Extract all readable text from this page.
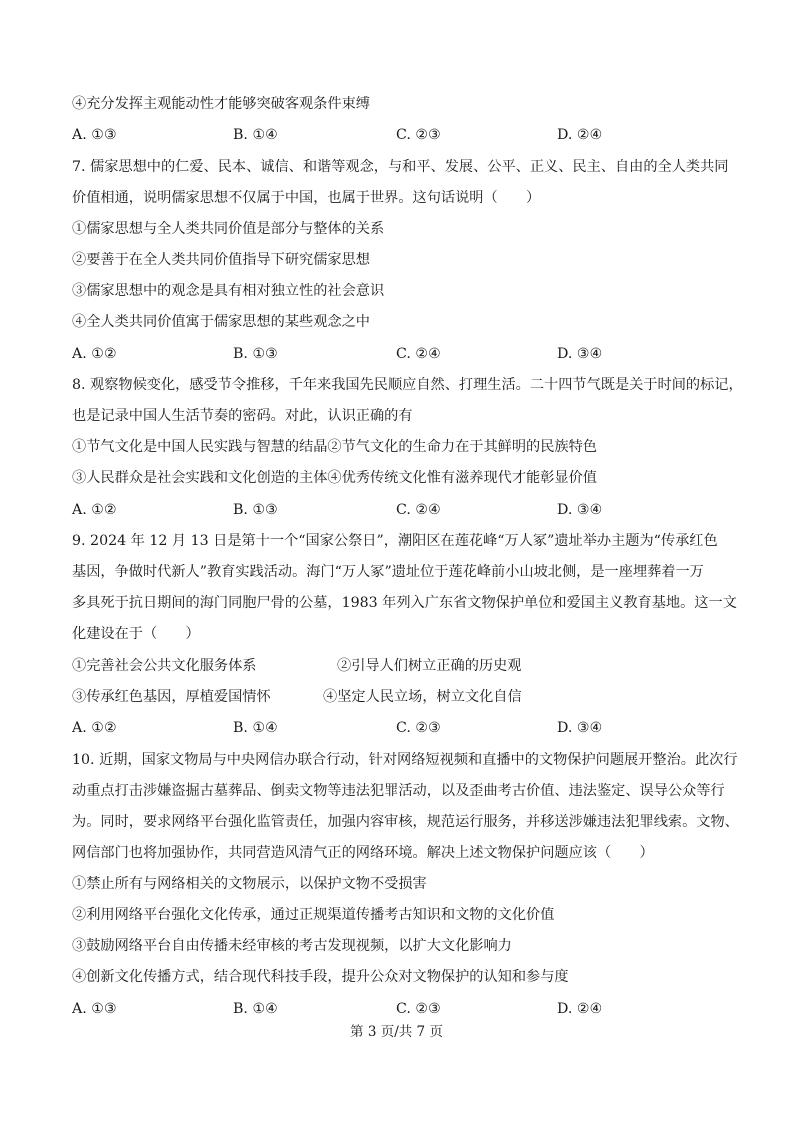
④充分发挥主观能动性才能够突破客观条件束缚
A. ①③	B. ①④	C. ②③	D. ②④
7. 儒家思想中的仁爱、民本、诚信、和谐等观念，与和平、发展、公平、正义、民主、自由的全人类共同
价值相通，说明儒家思想不仅属于中国，也属于世界。这句话说明（　　）
①儒家思想与全人类共同价值是部分与整体的关系
②要善于在全人类共同价值指导下研究儒家思想
③儒家思想中的观念是具有相对独立性的社会意识
④全人类共同价值寓于儒家思想的某些观念之中
A. ①②	B. ①③	C. ②④	D. ③④
8. 观察物候变化，感受节令推移，千年来我国先民顺应自然、打理生活。二十四节气既是关于时间的标记，
也是记录中国人生活节奏的密码。对此，认识正确的有
①节气文化是中国人民实践与智慧的结晶②节气文化的生命力在于其鲜明的民族特色
③人民群众是社会实践和文化创造的主体④优秀传统文化惟有滋养现代才能彰显价值
A. ①②	B. ①③	C. ②④	D. ③④
9. 2024 年 12 月 13 日是第十一个“国家公祭日”，潮阳区在莲花峰“万人冢”遗址举办主题为“传承红色
基因，争做时代新人”教育实践活动。海门“万人冢”遗址位于莲花峰前小山坡北侧，是一座埋葬着一万
多具死于抗日期间的海门同胞尸骨的公墓，1983 年列入广东省文物保护单位和爱国主义教育基地。这一文
化建设在于（　　）
①完善社会公共文化服务体系	②引导人们树立正确的历史观
③传承红色基因，厚植爱国情怀	④坚定人民立场，树立文化自信
A. ①②	B. ①④	C. ②③	D. ③④
10. 近期，国家文物局与中央网信办联合行动，针对网络短视频和直播中的文物保护问题展开整治。此次行
动重点打击涉嫌盗掘古墓葬品、倒卖文物等违法犯罪活动，以及歪曲考古价值、违法鉴定、误导公众等行
为。同时，要求网络平台强化监管责任，加强内容审核，规范运行服务，并移送涉嫌违法犯罪线索。文物、
网信部门也将加强协作，共同营造风清气正的网络环境。解决上述文物保护问题应该（　　）
①禁止所有与网络相关的文物展示，以保护文物不受损害
②利用网络平台强化文化传承，通过正规渠道传播考古知识和文物的文化价值
③鼓励网络平台自由传播未经审核的考古发现视频，以扩大文化影响力
④创新文化传播方式，结合现代科技手段，提升公众对文物保护的认知和参与度
A. ①③	B. ①④	C. ②③	D. ②④
第 3 页/共 7 页
